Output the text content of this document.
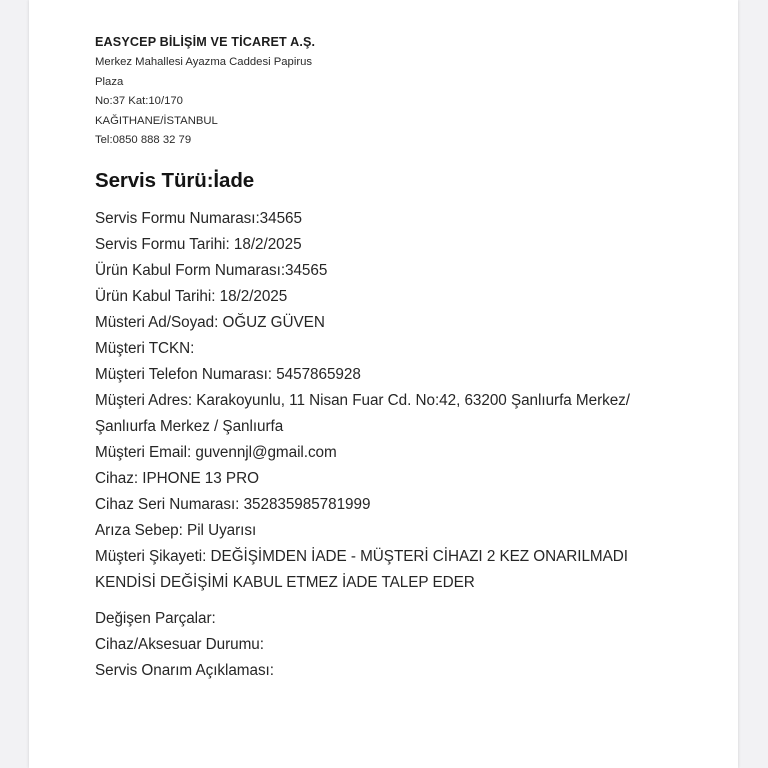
EASYCEP BİLİŞİM VE TİCARET A.Ş.

Merkez Mahallesi Ayazma Caddesi Papirus

Plaza

No:37 Kat:10/170

KAĞITHANE/İSTANBUL

Tel:0850 888 32 79

Servis Türü:İade

Servis Formu Numarası:34565

Servis Formu Tarihi: 18/2/2025

Ürün Kabul Form Numarası:34565

Ürün Kabul Tarihi: 18/2/2025

Müsteri Ad/Soyad: OĞUZ GÜVEN

Müşteri TCKN:

Müşteri Telefon Numarası: 5457865928

Müşteri Adres: Karakoyunlu, 11 Nisan Fuar Cd. No:42, 63200 Şanlıurfa Merkez/Şanlıurfa Merkez / Şanlıurfa

Müşteri Email: guvennjl@gmail.com

Cihaz: IPHONE 13 PRO

Cihaz Seri Numarası: 352835985781999

Arıza Sebep: Pil Uyarısı

Müşteri Şikayeti: DEĞİŞİMDEN İADE - MÜŞTERİ CİHAZI 2 KEZ ONARILMADI KENDİSİ DEĞİŞİMİ KABUL ETMEZ İADE TALEP EDER

Değişen Parçalar:

Cihaz/Aksesuar Durumu:

Servis Onarım Açıklaması:
